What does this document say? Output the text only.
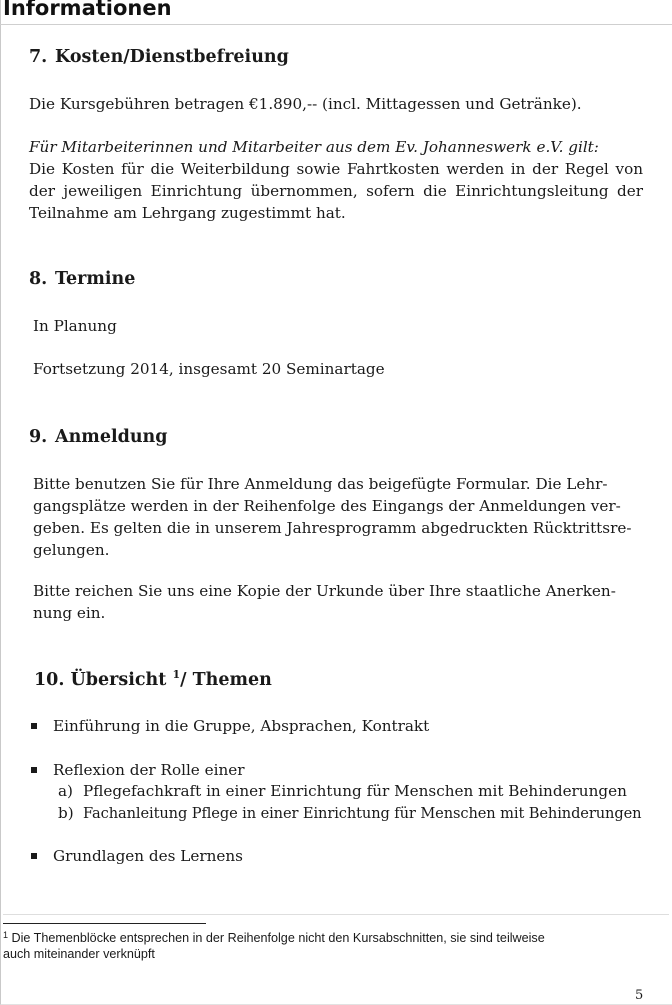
Informationen
7. Kosten/Dienstbefreiung
Die Kursgebühren betragen €1.890,-- (incl. Mittagessen und Getränke).
Für Mitarbeiterinnen und Mitarbeiter aus dem Ev. Johanneswerk e.V. gilt:
Die Kosten für die Weiterbildung sowie Fahrtkosten werden in der Regel von
der jeweiligen Einrichtung übernommen, sofern die Einrichtungsleitung der
Teilnahme am Lehrgang zugestimmt hat.
8. Termine
In Planung
Fortsetzung 2014, insgesamt 20 Seminartage
9. Anmeldung
Bitte benutzen Sie für Ihre Anmeldung das beigefügte Formular. Die Lehr-
gangsplätze werden in der Reihenfolge des Eingangs der Anmeldungen ver-
geben. Es gelten die in unserem Jahresprogramm abgedruckten Rücktrittsre-
gelungen.
Bitte reichen Sie uns eine Kopie der Urkunde über Ihre staatliche Anerken-
nung ein.
10. Übersicht $^1$/ Themen
Einführung in die Gruppe, Absprachen, Kontrakt
Reflexion der Rolle einer
a) Pflegefachkraft in einer Einrichtung für Menschen mit Behinderungen
b) Fachanleitung Pflege in einer Einrichtung für Menschen mit Behinderungen
Grundlagen des Lernens
$^1$ Die Themenblöcke entsprechen in der Reihenfolge nicht den Kursabschnitten, sie sind teilweise
auch miteinander verknüpft
5
